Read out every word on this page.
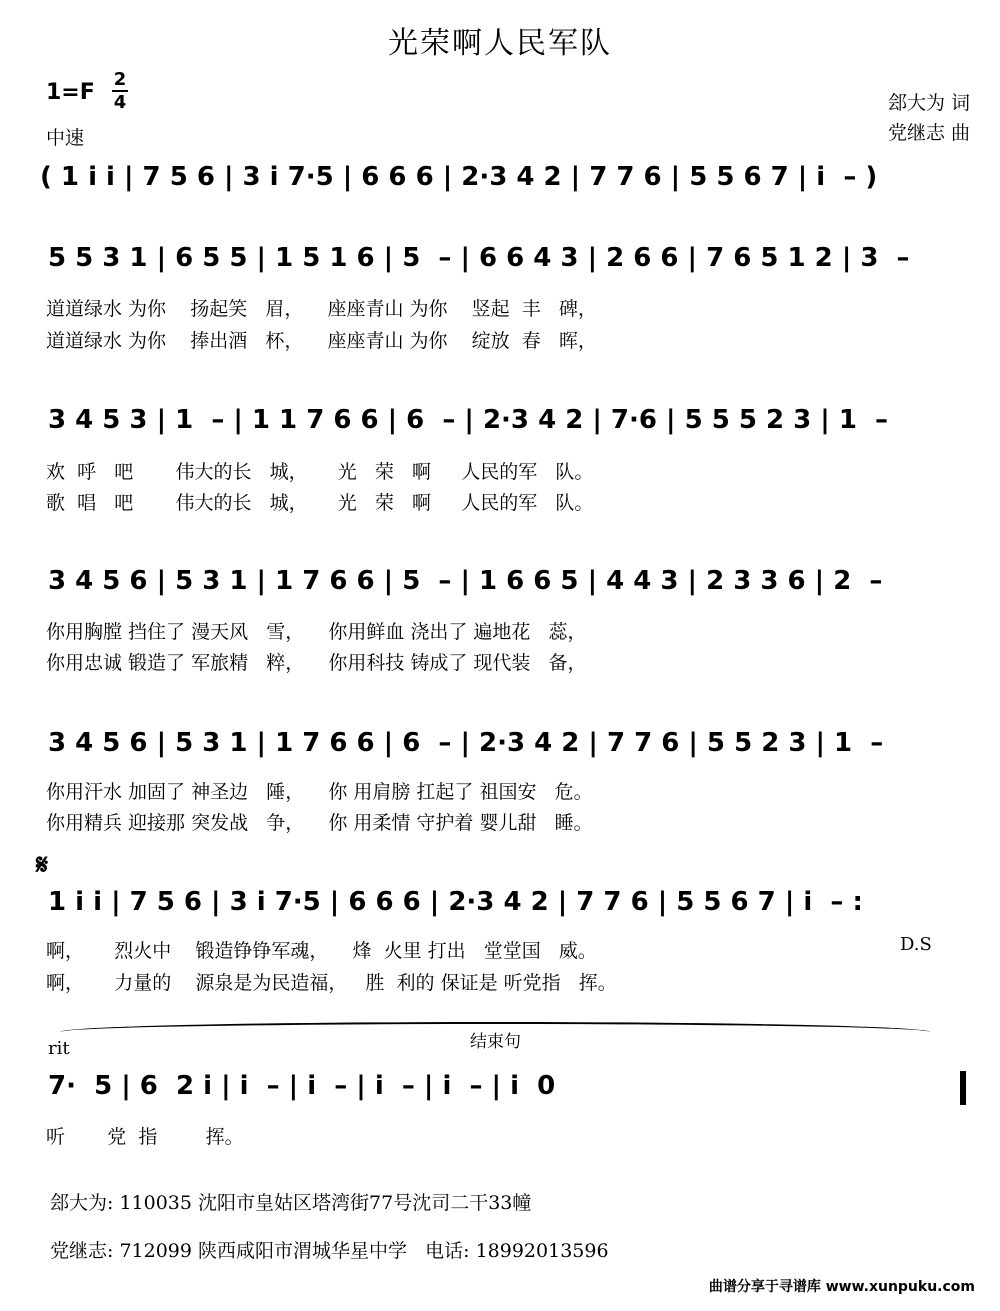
光荣啊人民军队
1=F
2
4
中速
郐大为 词
党继志 曲
( 1 i i | 7 5 6 | 3 i 7·5 | 6 6 6 | 2·3 4 2 | 7 7 6 | 5 5 6 7 | i  – )
5 5 3 1 | 6 5 5 | 1 5 1 6 | 5  – | 6 6 4 3 | 2 6 6 | 7 6 5 1 2 | 3  –
道道绿水 为你    扬起笑   眉，    座座青山 为你    竖起  丰   碑，
道道绿水 为你    捧出酒   杯，    座座青山 为你    绽放  春   晖，
3 4 5 3 | 1  – | 1 1 7 6 6 | 6  – | 2·3 4 2 | 7·6 | 5 5 5 2 3 | 1  –
欢  呼   吧       伟大的长   城，     光   荣   啊     人民的军   队。
歌  唱   吧       伟大的长   城，     光   荣   啊     人民的军   队。
3 4 5 6 | 5 3 1 | 1 7 6 6 | 5  – | 1 6 6 5 | 4 4 3 | 2 3 3 6 | 2  –
你用胸膛 挡住了 漫天风   雪，    你用鲜血 浇出了 遍地花   蕊，
你用忠诚 锻造了 军旅精   粹，    你用科技 铸成了 现代装   备，
3 4 5 6 | 5 3 1 | 1 7 6 6 | 6  – | 2·3 4 2 | 7 7 6 | 5 5 2 3 | 1  –
你用汗水 加固了 神圣边   陲，    你 用肩膀 扛起了 祖国安   危。
你用精兵 迎接那 突发战   争，    你 用柔情 守护着 婴儿甜   睡。
𝄋
1 i i | 7 5 6 | 3 i 7·5 | 6 6 6 | 2·3 4 2 | 7 7 6 | 5 5 6 7 | i  – :
啊，     烈火中    锻造铮铮军魂，    烽  火里 打出   堂堂国   威。	D.S
啊，     力量的    源泉是为民造福，   胜  利的 保证是 听党指   挥。
rit	结束句
7·  5 | 6  2 i | i  – | i  – | i  – | i  – | i  0
听       党  指        挥。
郐大为: 110035 沈阳市皇姑区塔湾街77号沈司二干33幢
党继志: 712099 陕西咸阳市渭城华星中学   电话: 18992013596
曲谱分享于寻谱库 www.xunpuku.com
